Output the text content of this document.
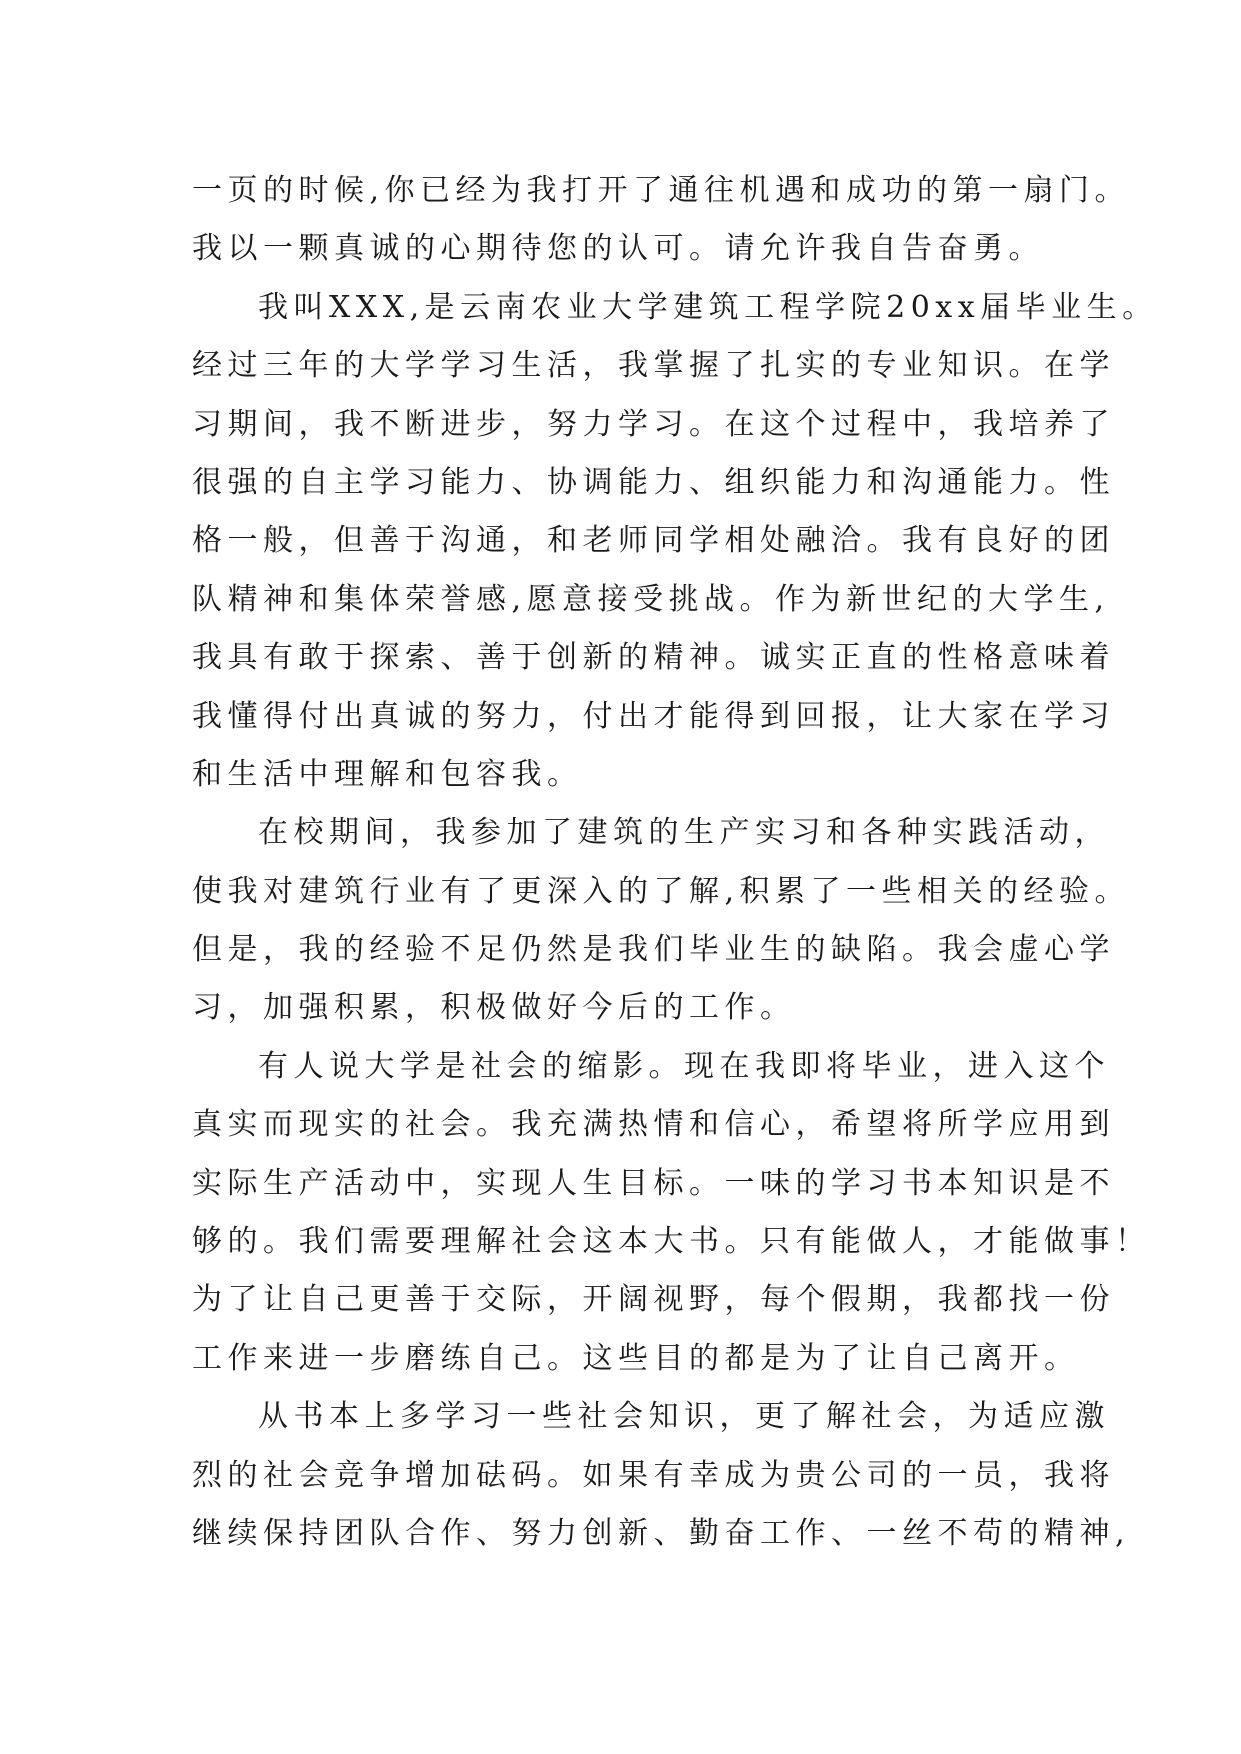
一页的时候,你已经为我打开了通往机遇和成功的第一扇门。
我以一颗真诚的心期待您的认可。请允许我自告奋勇。
我叫XXX,是云南农业大学建筑工程学院20xx届毕业生。
经过三年的大学学习生活，我掌握了扎实的专业知识。在学
习期间，我不断进步，努力学习。在这个过程中，我培养了
很强的自主学习能力、协调能力、组织能力和沟通能力。性
格一般，但善于沟通，和老师同学相处融洽。我有良好的团
队精神和集体荣誉感,愿意接受挑战。作为新世纪的大学生,
我具有敢于探索、善于创新的精神。诚实正直的性格意味着
我懂得付出真诚的努力，付出才能得到回报，让大家在学习
和生活中理解和包容我。
在校期间，我参加了建筑的生产实习和各种实践活动，
使我对建筑行业有了更深入的了解,积累了一些相关的经验。
但是，我的经验不足仍然是我们毕业生的缺陷。我会虚心学
习，加强积累，积极做好今后的工作。
有人说大学是社会的缩影。现在我即将毕业，进入这个
真实而现实的社会。我充满热情和信心，希望将所学应用到
实际生产活动中，实现人生目标。一味的学习书本知识是不
够的。我们需要理解社会这本大书。只有能做人，才能做事！
为了让自己更善于交际，开阔视野，每个假期，我都找一份
工作来进一步磨练自己。这些目的都是为了让自己离开。
从书本上多学习一些社会知识，更了解社会，为适应激
烈的社会竞争增加砝码。如果有幸成为贵公司的一员，我将
继续保持团队合作、努力创新、勤奋工作、一丝不苟的精神,
